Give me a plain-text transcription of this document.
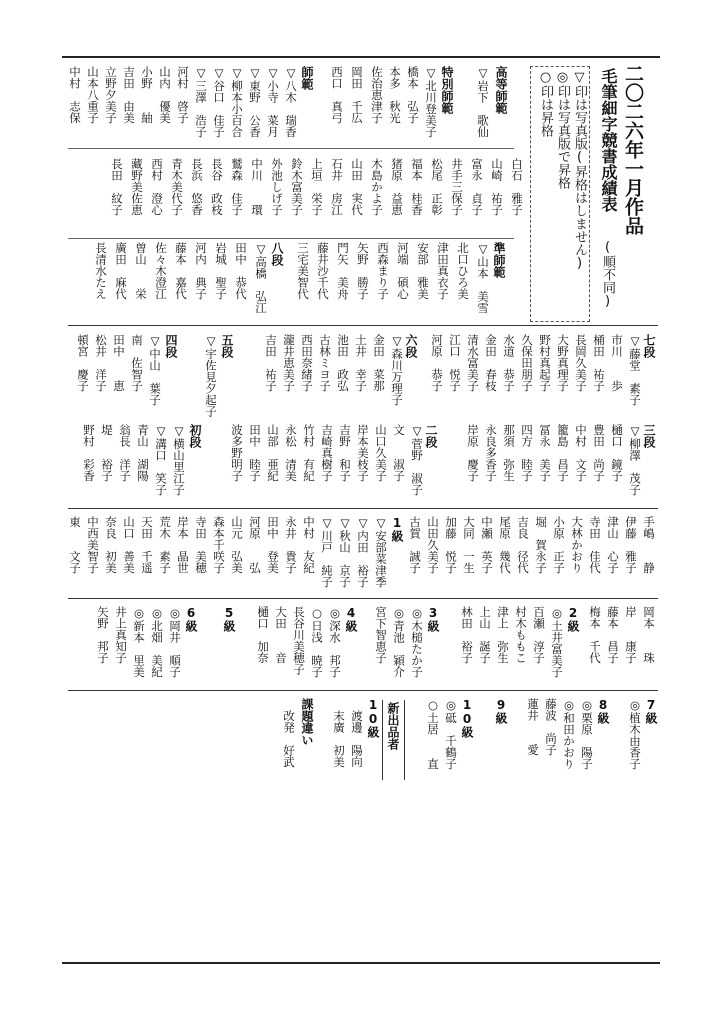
二〇二六年一月作品
毛筆細字競書成績表
(順不同)
▽印は写真版(昇格はしません)
◎印は写真版で昇格
○印は昇格
高等師範
▽岩下　歌仙
白石　雅子
山崎　祐子
富永　貞子
井手三保子
松尾　正彰
福本　桂香
猪原　益恵
木島かよ子
山田　実代
石井　房江
上垣　栄子
鈴木富美子
外池しげ子
中川　　環
長谷　政枝
長浜　悠香
青木美代子
西村　澄心
藏野美佐恵
長田　紋子
準師範
▽山本　美雪
北口ひろ美
津田真衣子
安部　雅美
河端　碩心
西森まり子
矢野　勝子
門矢　美舟
藤井沙千代
三宅美智代
特別師範
▽北川登美子
橋本　弘子
本多　秋光
佐治恵津子
岡田　千広
西口　真弓
師範
▽八木　瑞香
▽小寺　菜月
▽東野　公香
▽柳本小百合
▽谷口　佳子
▽三澤　浩子
河村　啓子
山内　優美
小野　　紬
吉田　由美
立野夕美子
山本八重子
中村　志保
八段
▽高橋　弘江
田中　恭代
岩城　聖子
河内　典子
藤本　嘉代
佐々木澄江
曽山　　栄
廣田　麻代
長清水たえ
鷲森　佳子
七段
▽藤堂　素子
市川　　歩
桶田　祐子
長岡久美子
大野真理子
野村真起子
久保田朋子
水道　恭子
金田　春枝
清水富美子
江口　悦子
河原　恭子
六段
▽森川万理子
金田　菜那
土井　幸子
池田　政弘
古林ミヨ子
西田奈緒子
瀧井恵美子
吉田　祐子
五段
▽宇佐見夕起子
四段
▽中山　葉子
南　佐智子
田中　　恵
松井　洋子
頓宮　慶子
三段
▽柳澤　茂子
樋口　鏡子
豊田　尚子
中村　文子
籠島　昌子
冨永　美子
四方　睦子
那須　弥生
永良多香子
岸原　慶子
二段
▽菅野　淑子
文　　淑子
山口久美子
岸本美枝子
吉野　和子
吉崎真樹子
竹村　有紀
永松　清美
山部　亜紀
田中　睦子
波多野明子
初段
▽横山里江子
▽溝口　笑子
青山　湖陽
翁長　洋子
堤　　裕子
野村　彩香
手嶋　　静
伊藤　雅子
津山　心子
寺田　佳代
大林かおり
小原　正子
堀　賀永子
吉良　径代
尾原　幾代
中瀬　英子
大同　一生
加藤　悦子
山田久美子
古賀　誠子
1級
▽安部菜津季
▽内田　裕子
▽秋山　京子
▽川戸　純子
中村　友紀
永井　貴子
田中　登美
河原　　弘
山元　弘美
森本千咲子
寺田　美穂
岸本　晶世
荒木　素子
天田　千遥
山口　善美
奈良　初美
中西美智子
東　　文子
岡本　　珠
岸　　康子
藤本　昌子
梅本　千代
2級
◎土井富美子
百瀬　淳子
村木ももこ
津上　弥生
上山　誕子
林田　裕子
3級
◎木槌たか子
◎青池　穎介
宮下智恵子
4級
◎深水　邦子
○日浅　暁子
長谷川美穂子
大田　　音
樋口　加奈
5級
6級
◎岡井　順子
◎北畑　美紀
◎新本　里美
井上真知子
矢野　邦子
7級
◎植木由香子
8級
◎栗原　陽子
◎和田かおり
藤波　尚子
蓮井　　愛
9級
10級
◎砥　千鶴子
○土居　　直
新出品者
10級
渡邊　陽向
末廣　初美
課題違い
改発　好武
